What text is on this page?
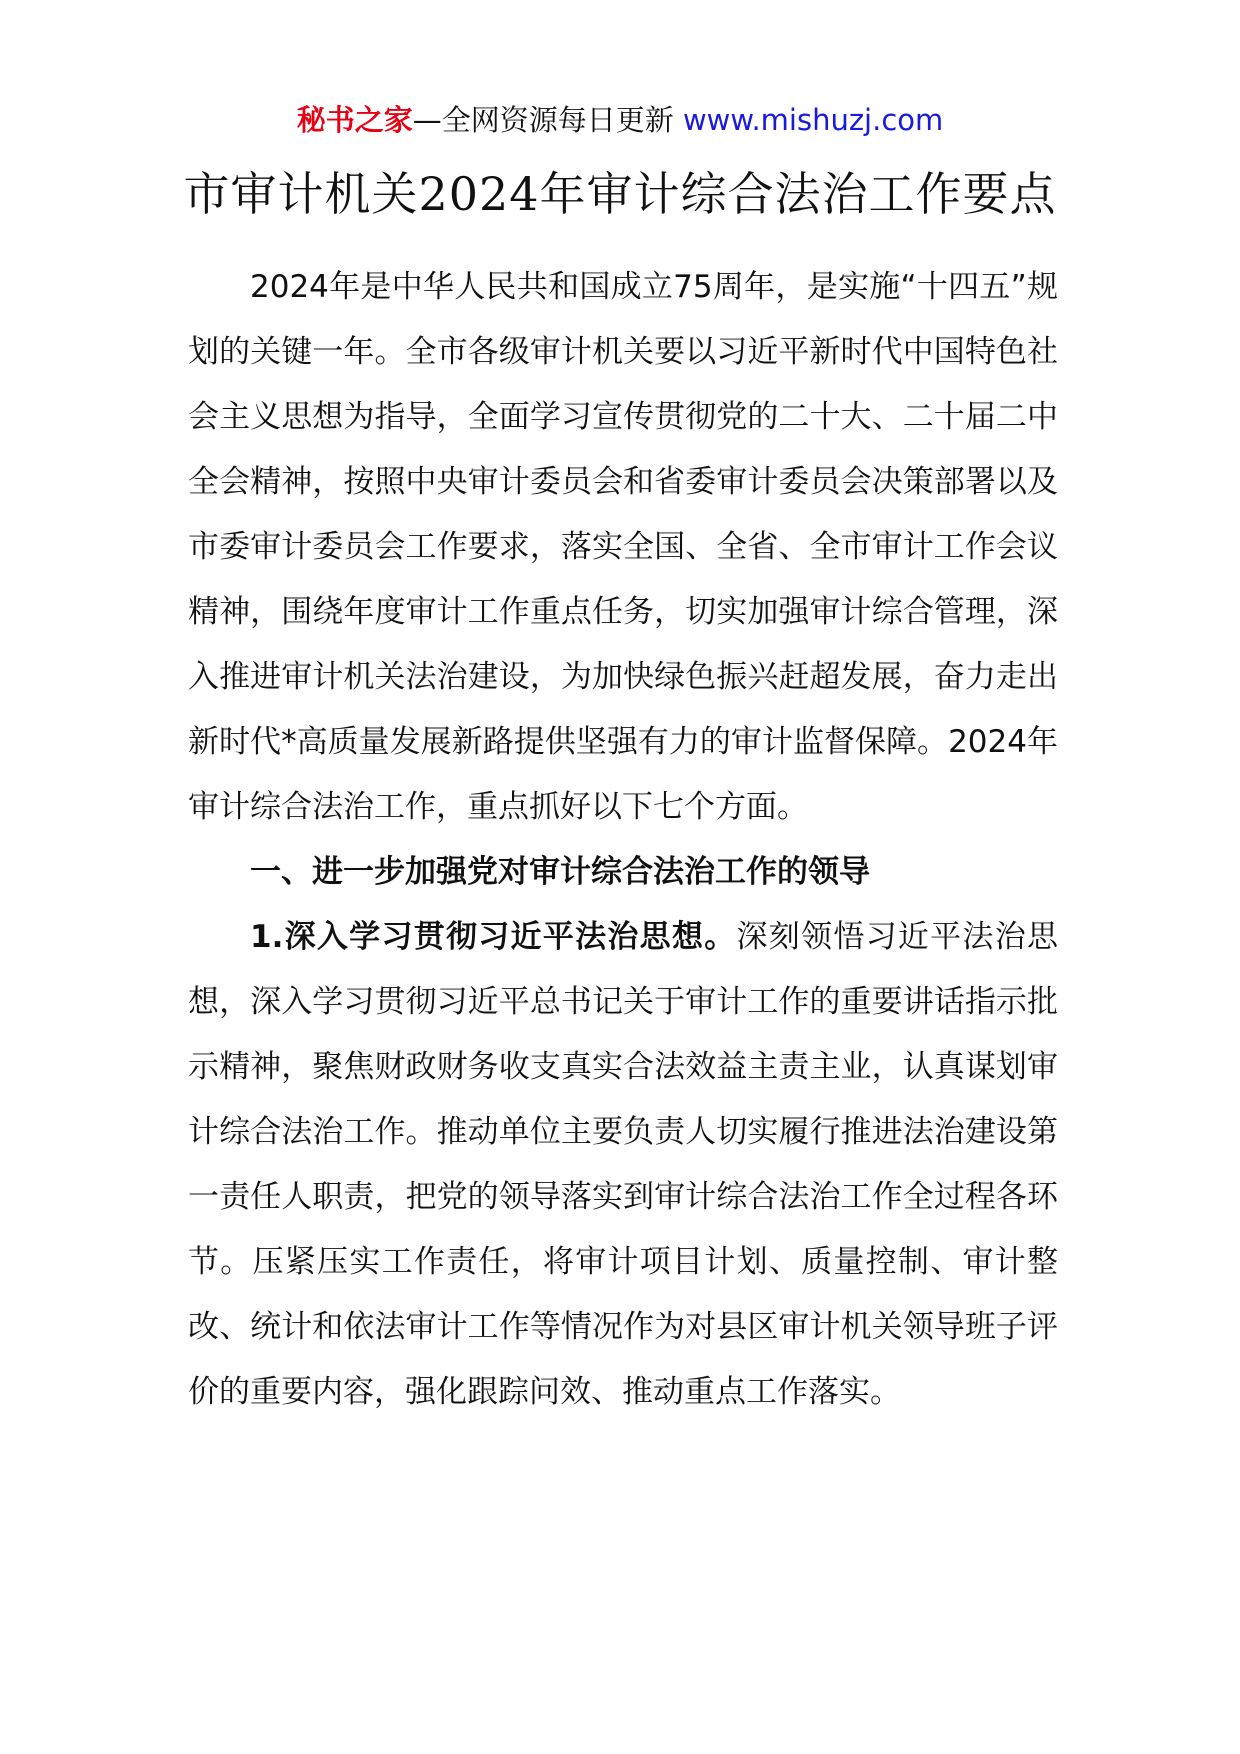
秘书之家—全网资源每日更新 www.mishuzj.com
市审计机关2024年审计综合法治工作要点

2024年是中华人民共和国成立75周年，是实施“十四五”规划的关键一年。全市各级审计机关要以习近平新时代中国特色社会主义思想为指导，全面学习宣传贯彻党的二十大、二十届二中全会精神，按照中央审计委员会和省委审计委员会决策部署以及市委审计委员会工作要求，落实全国、全省、全市审计工作会议精神，围绕年度审计工作重点任务，切实加强审计综合管理，深入推进审计机关法治建设，为加快绿色振兴赶超发展，奋力走出新时代*高质量发展新路提供坚强有力的审计监督保障。2024年审计综合法治工作，重点抓好以下七个方面。

一、进一步加强党对审计综合法治工作的领导

1.深入学习贯彻习近平法治思想。深刻领悟习近平法治思想，深入学习贯彻习近平总书记关于审计工作的重要讲话指示批示精神，聚焦财政财务收支真实合法效益主责主业，认真谋划审计综合法治工作。推动单位主要负责人切实履行推进法治建设第一责任人职责，把党的领导落实到审计综合法治工作全过程各环节。压紧压实工作责任，将审计项目计划、质量控制、审计整改、统计和依法审计工作等情况作为对县区审计机关领导班子评价的重要内容，强化跟踪问效、推动重点工作落实。
